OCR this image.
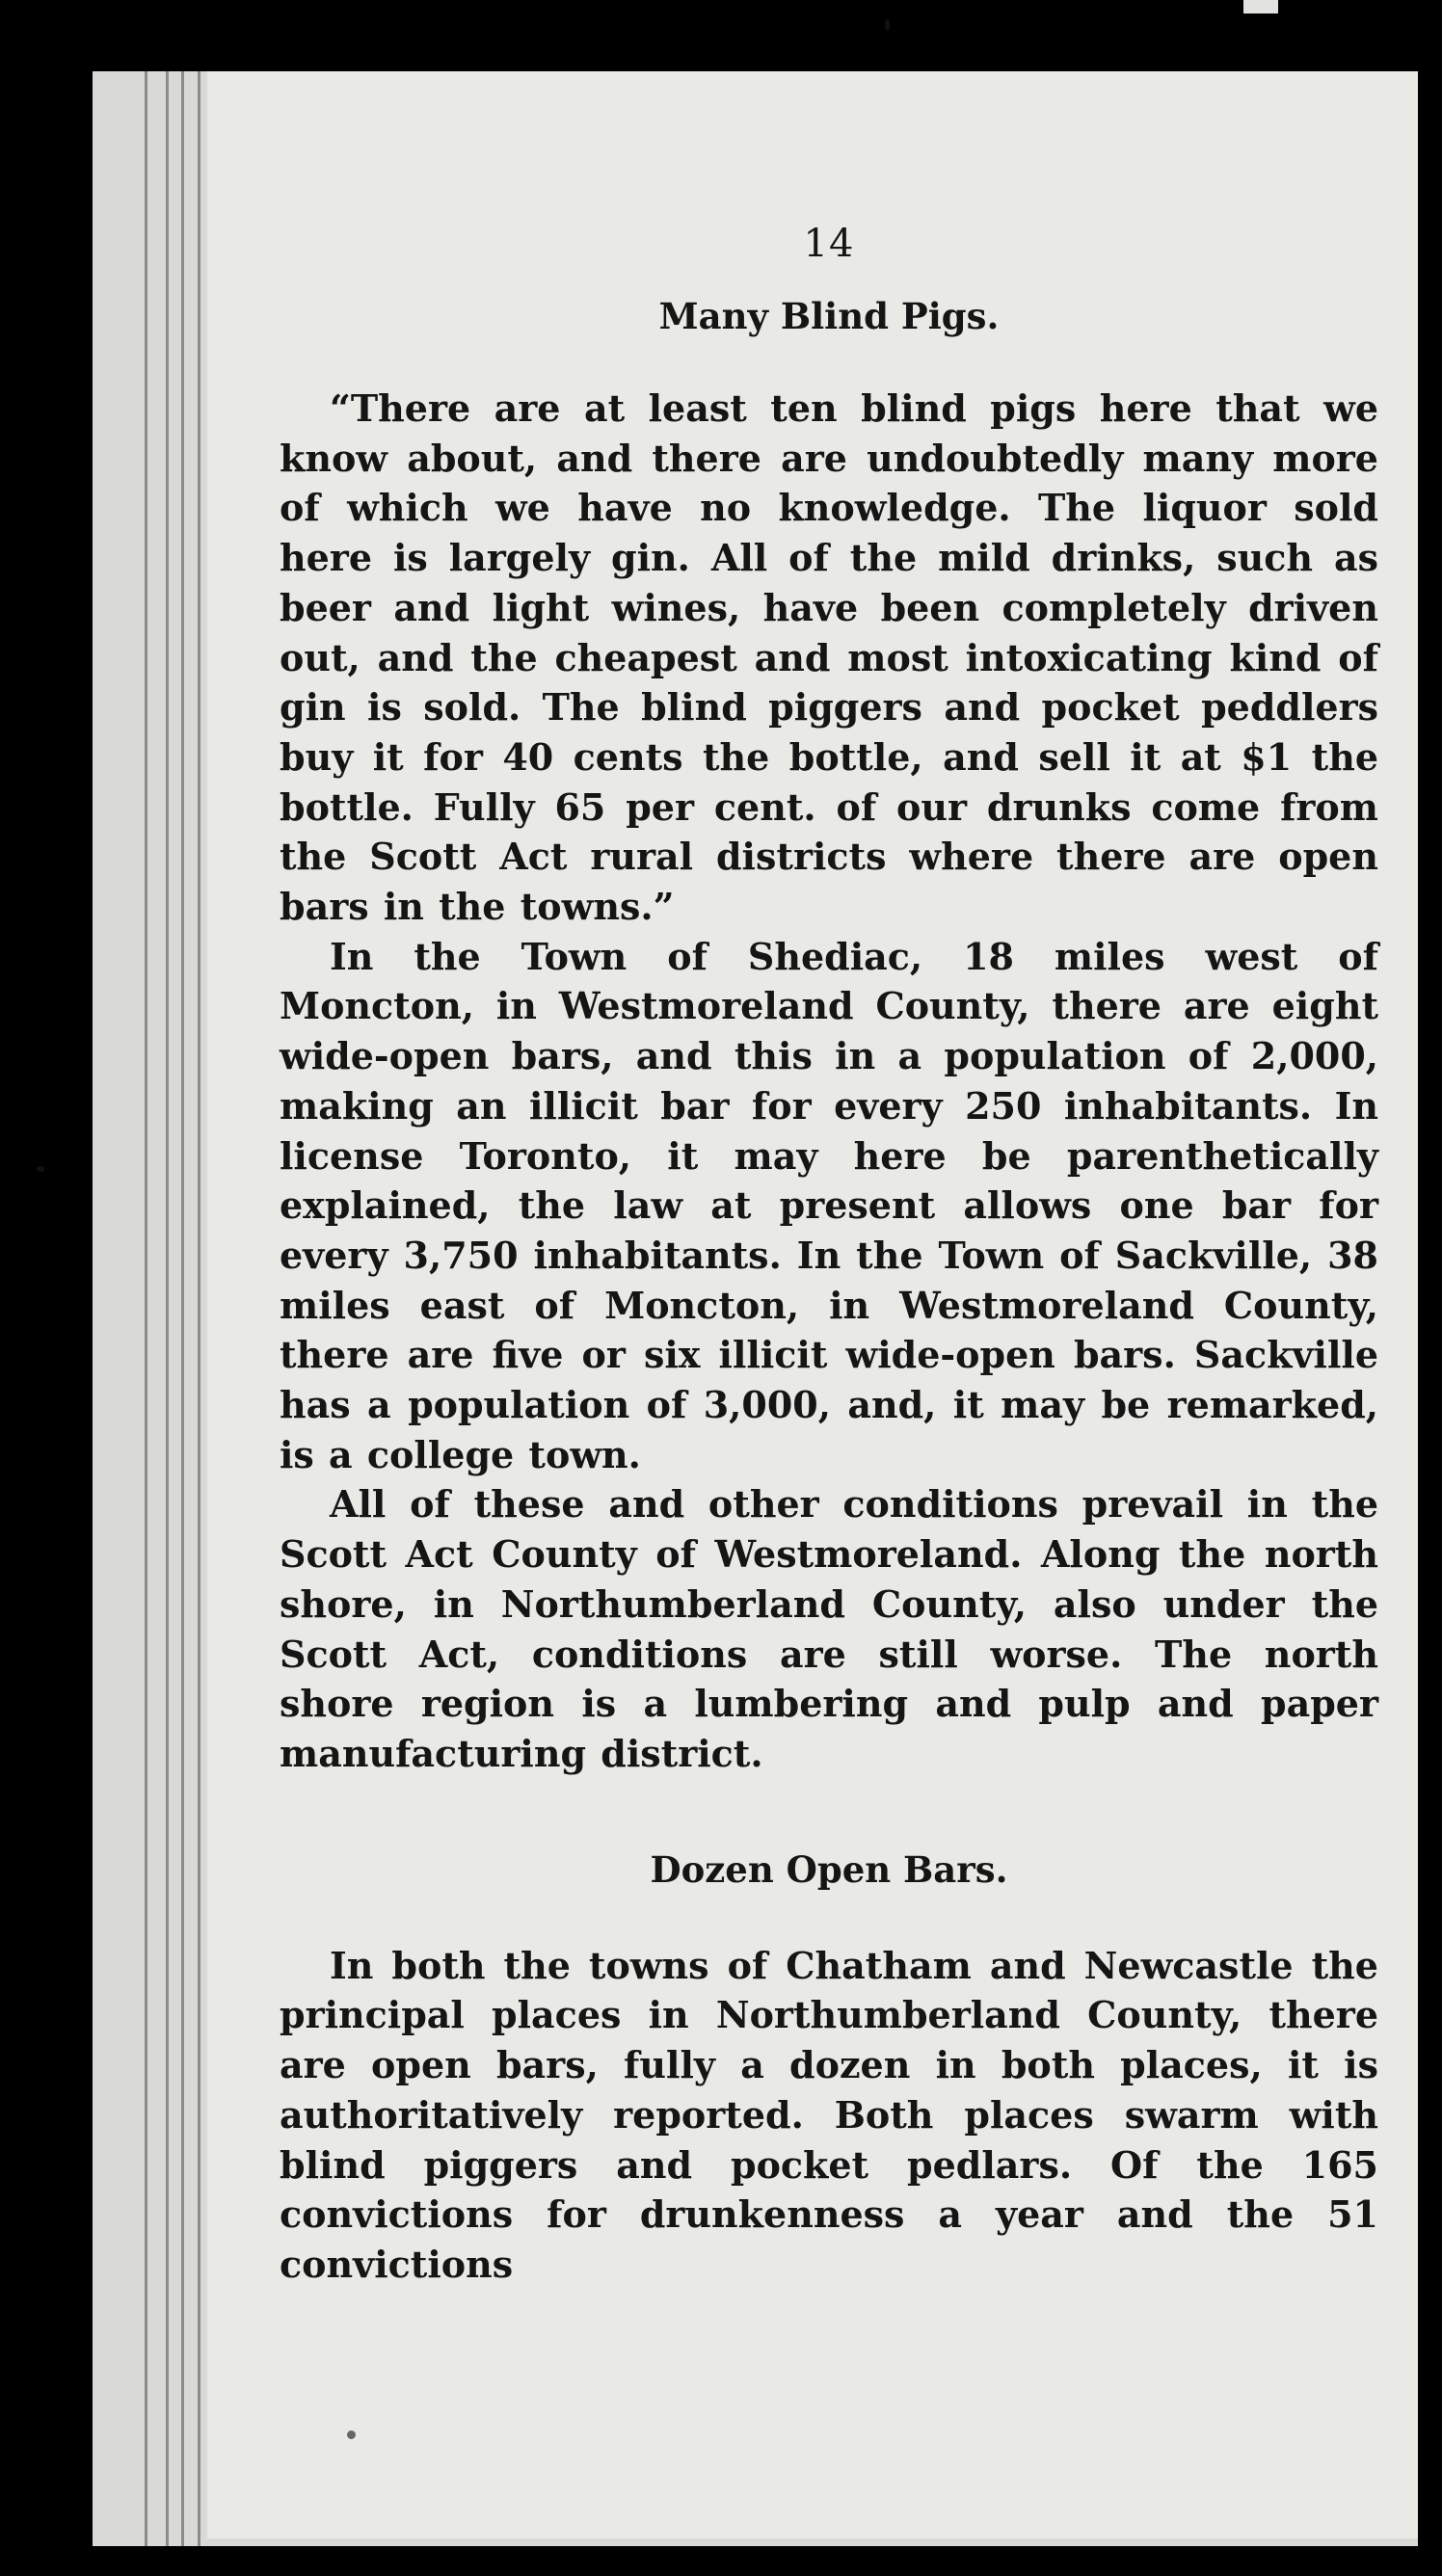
14
Many Blind Pigs.

“There are at least ten blind pigs here that we know about, and there are undoubtedly many more of which we have no knowledge. The liquor sold here is largely gin. All of the mild drinks, such as beer and light wines, have been completely driven out, and the cheapest and most intoxicating kind of gin is sold. The blind piggers and pocket peddlers buy it for 40 cents the bottle, and sell it at $1 the bottle. Fully 65 per cent. of our drunks come from the Scott Act rural districts where there are open bars in the towns.”

In the Town of Shediac, 18 miles west of Moncton, in Westmoreland County, there are eight wide-open bars, and this in a population of 2,000, making an illicit bar for every 250 inhabitants. In license Toronto, it may here be parenthetically explained, the law at present allows one bar for every 3,750 inhabitants. In the Town of Sackville, 38 miles east of Moncton, in Westmoreland County, there are five or six illicit wide-open bars. Sackville has a population of 3,000, and, it may be remarked, is a college town.

All of these and other conditions prevail in the Scott Act County of Westmoreland. Along the north shore, in Northumberland County, also under the Scott Act, conditions are still worse. The north shore region is a lumbering and pulp and paper manufacturing district.

Dozen Open Bars.

In both the towns of Chatham and Newcastle the principal places in Northumberland County, there are open bars, fully a dozen in both places, it is authoritatively reported. Both places swarm with blind piggers and pocket pedlars. Of the 165 convictions for drunkenness a year and the 51 convictions
